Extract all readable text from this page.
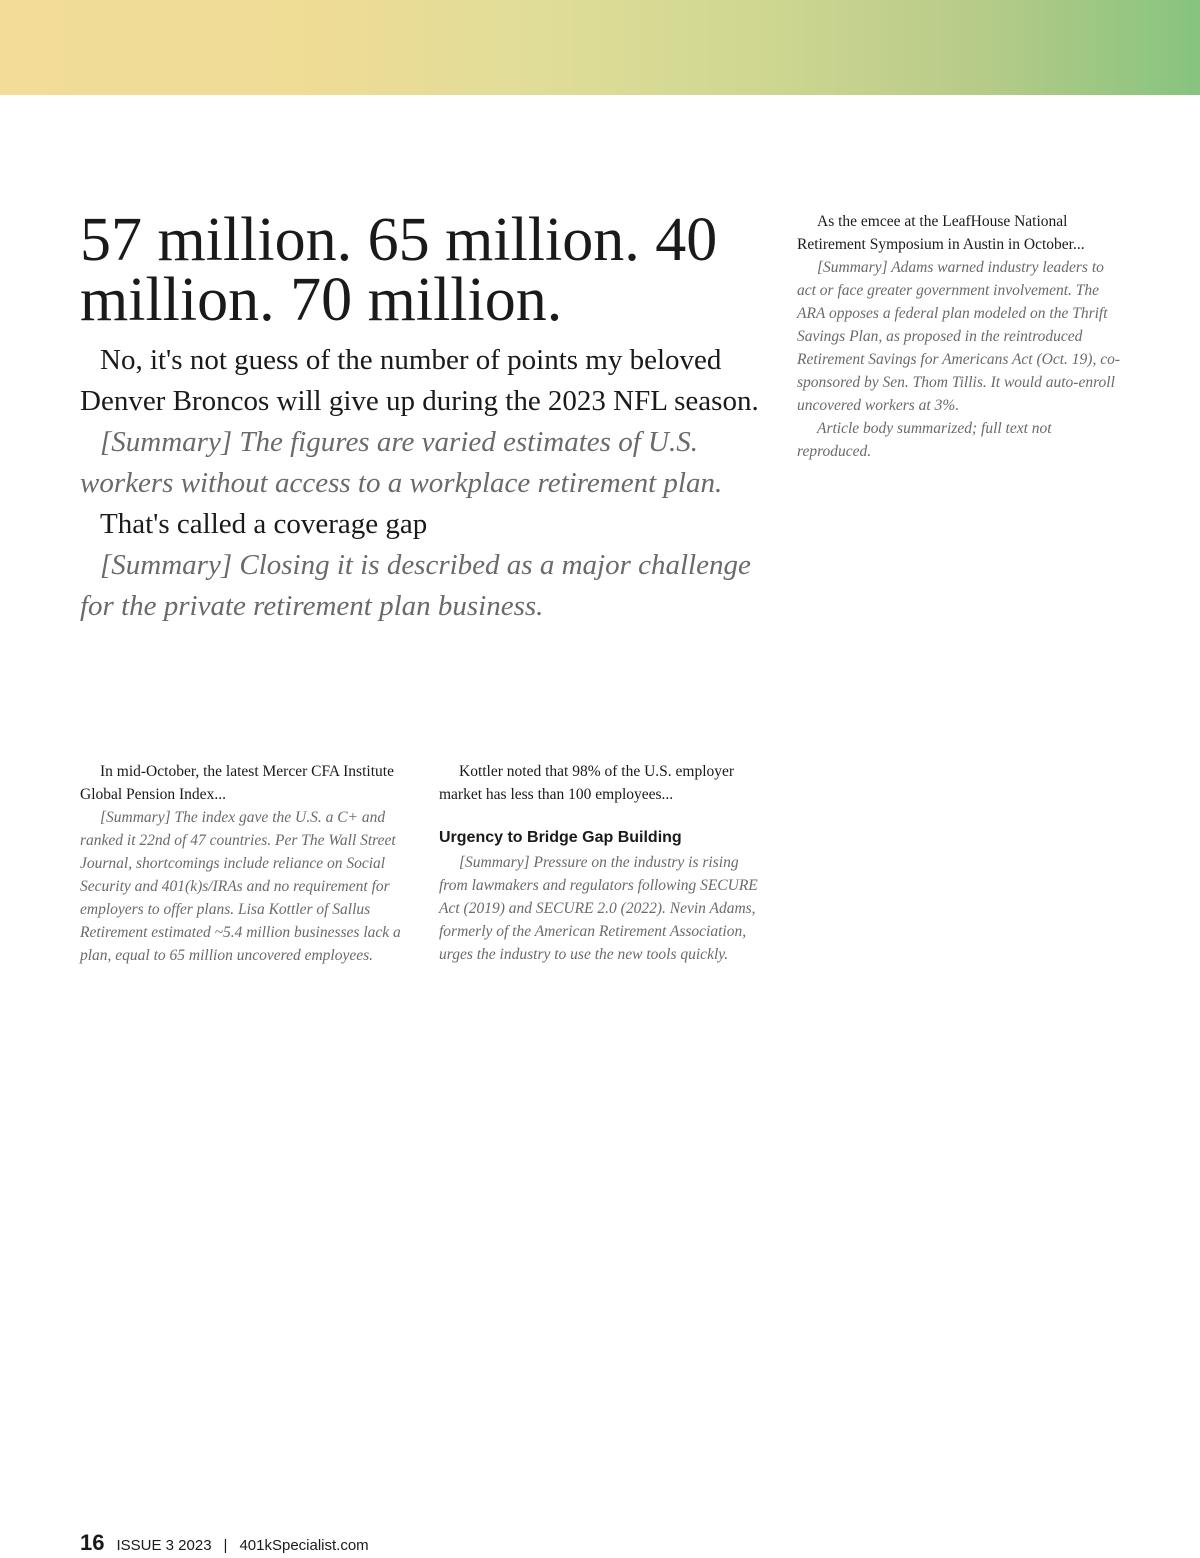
57 million. 65 million. 40 million. 70 million.

No, it's not guess of the number of points my beloved Denver Broncos will give up during the 2023 NFL season.

[Summary] The figures are varied estimates of U.S. workers without access to a workplace retirement plan.

That's called a coverage gap

[Summary] Closing it is described as a major challenge for the private retirement plan business.

In mid-October, the latest Mercer CFA Institute Global Pension Index...

[Summary] The index gave the U.S. a C+ and ranked it 22nd of 47 countries. Per The Wall Street Journal, shortcomings include reliance on Social Security and 401(k)s/IRAs and no requirement for employers to offer plans. Lisa Kottler of Sallus Retirement estimated ~5.4 million businesses lack a plan, equal to 65 million uncovered employees.

Kottler noted that 98% of the U.S. employer market has less than 100 employees...

Urgency to Bridge Gap Building

[Summary] Pressure on the industry is rising from lawmakers and regulators following SECURE Act (2019) and SECURE 2.0 (2022). Nevin Adams, formerly of the American Retirement Association, urges the industry to use the new tools quickly.

As the emcee at the LeafHouse National Retirement Symposium in Austin in October...

[Summary] Adams warned industry leaders to act or face greater government involvement. The ARA opposes a federal plan modeled on the Thrift Savings Plan, as proposed in the reintroduced Retirement Savings for Americans Act (Oct. 19), co-sponsored by Sen. Thom Tillis. It would auto-enroll uncovered workers at 3%.

Article body summarized; full text not reproduced.

16 ISSUE 3 2023 | 401kSpecialist.com
